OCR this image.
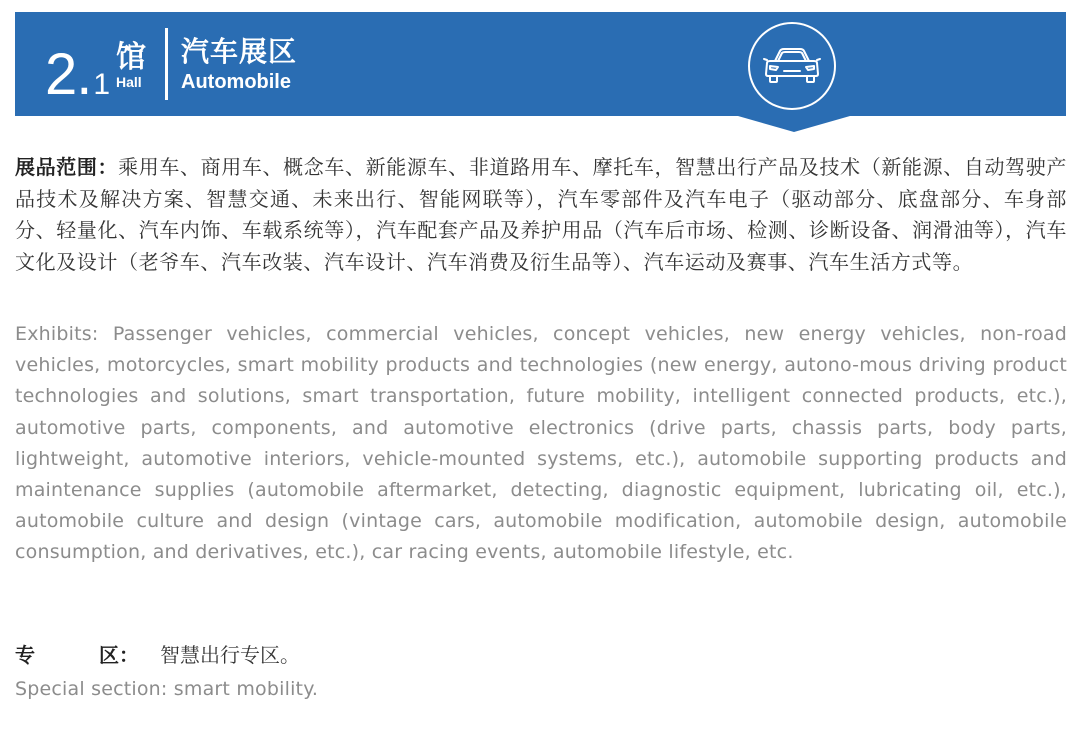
2. 1
馆
Hall
汽车展区
Automobile
展品范围：乘用车、商用车、概念车、新能源车、非道路用车、摩托车，智慧出行产品及技术（新能源、自动驾驶产品技术及解决方案、智慧交通、未来出行、智能网联等），汽车零部件及汽车电子（驱动部分、底盘部分、车身部分、轻量化、汽车内饰、车载系统等），汽车配套产品及养护用品（汽车后市场、检测、诊断设备、润滑油等），汽车文化及设计（老爷车、汽车改装、汽车设计、汽车消费及衍生品等）、汽车运动及赛事、汽车生活方式等。
Exhibits: Passenger vehicles, commercial vehicles, concept vehicles, new energy vehicles, non-road vehicles, motorcycles, smart mobility products and technologies (new energy, autono-mous driving product technologies and solutions, smart transportation, future mobility, intelligent connected products, etc.), automotive parts, components, and automotive electronics (drive parts, chassis parts, body parts, lightweight, automotive interiors, vehicle-mounted systems, etc.), automobile supporting products and maintenance supplies (automobile aftermarket, detecting, diagnostic equipment, lubricating oil, etc.), automobile culture and design (vintage cars, automobile modification, automobile design, automobile consumption, and derivatives, etc.), car racing events, automobile lifestyle, etc.
专	区：	智慧出行专区。
Special section: smart mobility.
